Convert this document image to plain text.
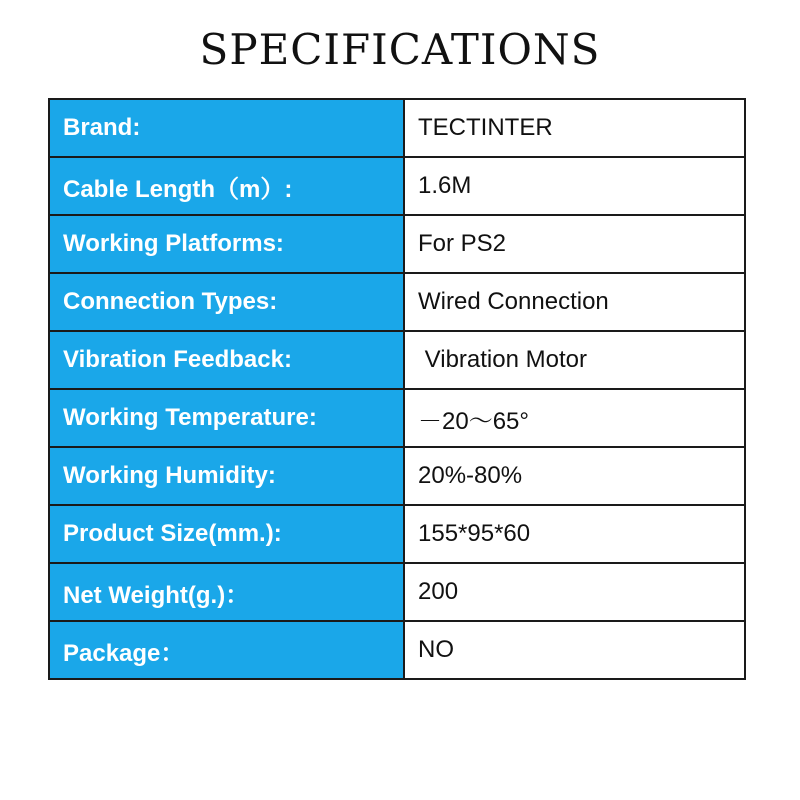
SPECIFICATIONS
Brand:	TECTINTER
Cable Length（m）:	1.6M
Working Platforms:	For PS2
Connection Types:	Wired Connection
Vibration Feedback:	Vibration Motor
Working Temperature:	－20～65°
Working Humidity:	20%-80%
Product Size(mm.):	155*95*60
Net Weight(g.)：	200
Package：	NO
